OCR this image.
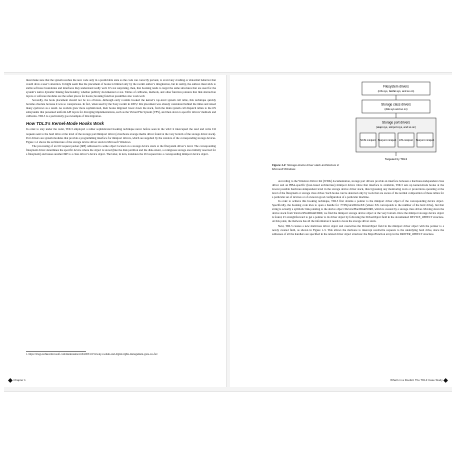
must make sure that the system reaches the new code only in a predictable state so the code can correctly prevent, to avoid any crashing or abnormal behavior that would draw a user’s attention. It might seem like the placement of hooks is limited only by the rootkit author’s imagination, but in reality, the authors must stick to stable software boundaries and interfaces they understand really well. It’s not surprising, then, that hooking tends to target the same structures that are used for the system’s native dynamic linking functionality, whether publicly documented or not. Tables of callbacks, methods, and other function pointers that link abstraction layers or software modules are the safest places for hooks; hooking function preambles also work well.

Secondly, the hook placement should not be too obvious. Although early rootkits hooked the kernel’s top-level system call table, this technique quickly became obsolete because it was so conspicuous. In fact, when used by the Sony rootkit in 2005,¹ this placement was already considered behind the times and raised many eyebrows as a result. As rootkits grew more sophisticated, their hooks migrated lower down the stack, from the main system call dispatch tables to the OS subsystems that presented uniform API layers for diverging implementations, such as the Virtual File System (VFS), and then down to specific drivers’ methods and callbacks. TDL3 is a particularly good example of this migration.

How TDL3’s Kernel-Mode Hooks Work

In order to stay under the radar, TDL3 employed a rather sophisticated hooking technique never before seen in the wild: it intercepted the read and write I/O requests sent to the hard drive at the level of the storage port/miniport driver (a hardware storage media driver found at the very bottom of the storage driver stack). Port drivers are system modules that provide a programming interface for miniport drivers, which are supplied by the vendors of the corresponding storage devices. Figure 1-2 shows the architecture of the storage device driver stack in Microsoft Windows.

The processing of an I/O request packet (IRP) addressed to some object located on a storage device starts at the filesystem driver’s level. The corresponding filesystem driver determines the specific device where the object is stored (like the disk partition and the disk extent, a contiguous storage area initially reserved for a filesystem) and issues another IRP to a class driver’s device object. The latter, in turn, translates the I/O request into a corresponding miniport device object.

1. https://blogs.technet.microsoft.com/markrussinovich/2005/10/31/sony-rootkits-and-digital-rights-management-gone-too-far/
◆ Chapter 1
Filesystem drivers
(ntfs.sys, fastfat.sys, and so on)
Storage class drivers
(disk.sys and so on)
Storage port drivers
(atapi.sys, storport.sys, and so on)
SCSI miniport Storport miniport ATA miniport Storport miniport
Targeted by TDL3
Figure 1-2: Storage device driver stack architecture in Microsoft Windows

According to the Windows Driver Kit (WDK) documentation, storage port drivers provide an interface between a hardware-independent class driver and an HBA-specific (host-based architecture) miniport driver. Once that interface is available, TDL3 sets up kernel-mode hooks at the lowest possible hardware-independent level in the storage device driver stack, thus bypassing any monitoring tools or protections operating at the level of the filesystem or storage class driver. Such hooks can be detected only by tools that are aware of the normal composition of these tables for a particular set of devices or of a known good configuration of a particular machine.

In order to achieve this hooking technique, TDL3 first obtains a pointer to the miniport driver object of the corresponding device object. Specifically, the hooking code tries to open a handle for \??\PhysicalDriveXX (where XX corresponds to the number of the hard drive), but that string is actually a symbolic link pointing to the device object \Device\HardDisk0\DR0, which is created by a storage class driver. Moving down the device stack from \Device\HardDisk0\DR0, we find the miniport storage device object at the very bottom. Once the miniport storage device object is found, it’s straightforward to get a pointer to its driver object by following the DriverObject field in the documented DEVICE_OBJECT structure. At this point, the malware has all the information it needs to hook the storage driver stack.

Next, TDL3 creates a new malicious driver object and overwrites the DriverObject field in the miniport driver object with the pointer to a newly created field, as shown in Figure 1-3. This allows the malware to intercept read/write requests to the underlying hard drive, since the addresses of all the handlers are specified in the related driver object structure: the MajorFunction array in the DRIVER_OBJECT structure.

What’s in a Rootkit: The TDL3 Case Study ◆
